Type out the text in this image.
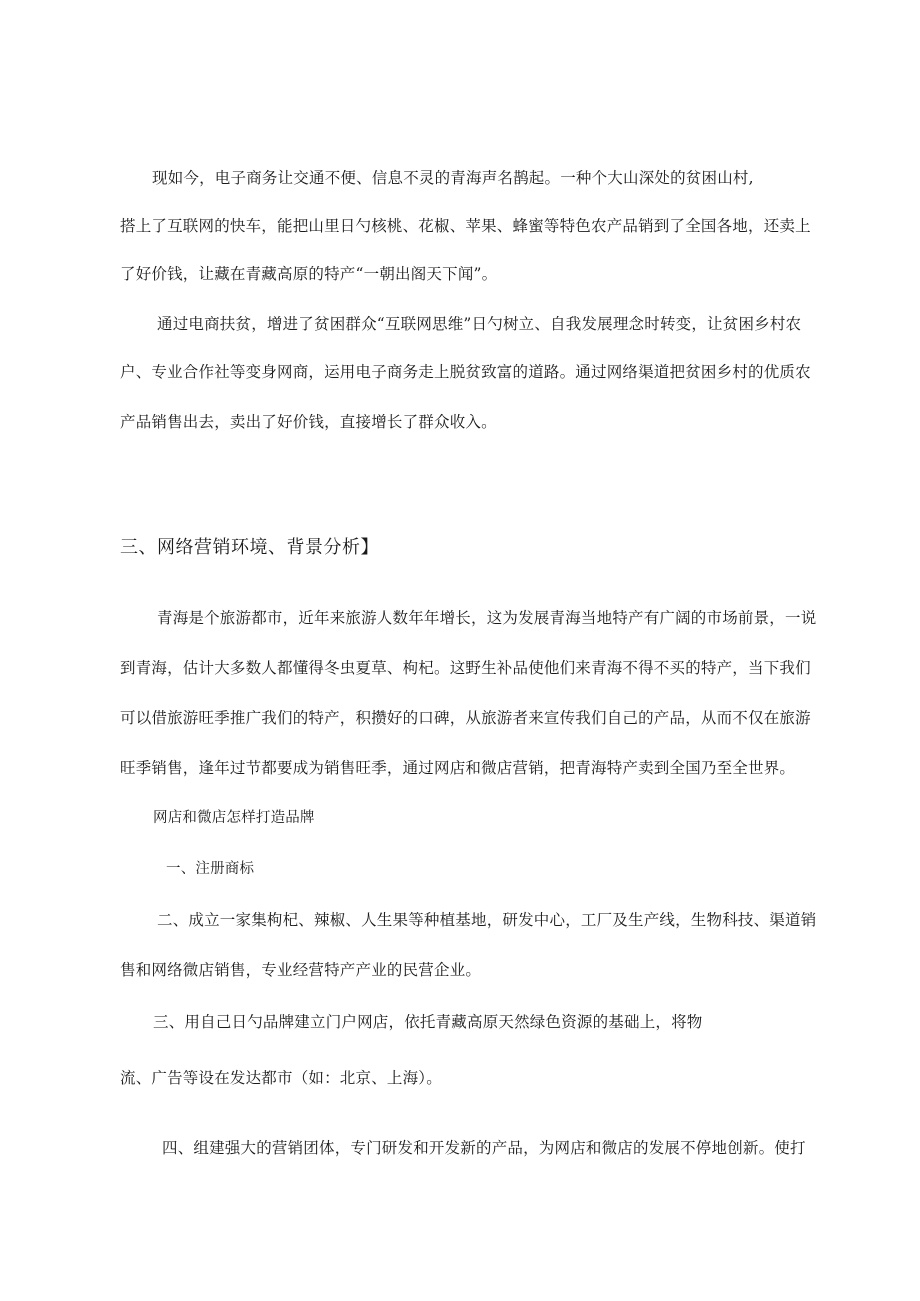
现如今，电子商务让交通不便、信息不灵的青海声名鹊起。一种个大山深处的贫困山村,
搭上了互联网的快车，能把山里日勺核桃、花椒、苹果、蜂蜜等特色农产品销到了全国各地，还卖上
了好价钱，让藏在青藏高原的特产“一朝出阁天下闻”。
通过电商扶贫，增进了贫困群众“互联网思维”日勺树立、自我发展理念时转变，让贫困乡村农
户、专业合作社等变身网商，运用电子商务走上脱贫致富的道路。通过网络渠道把贫困乡村的优质农
产品销售出去，卖出了好价钱，直接增长了群众收入。
三、网络营销环境、背景分析】
青海是个旅游都市，近年来旅游人数年年增长，这为发展青海当地特产有广阔的市场前景，一说
到青海，估计大多数人都懂得冬虫夏草、枸杞。这野生补品使他们来青海不得不买的特产，当下我们
可以借旅游旺季推广我们的特产，积攒好的口碑，从旅游者来宣传我们自己的产品，从而不仅在旅游
旺季销售，逢年过节都要成为销售旺季，通过网店和微店营销，把青海特产卖到全国乃至全世界。
网店和微店怎样打造品牌
一、注册商标
二、成立一家集枸杞、辣椒、人生果等种植基地，研发中心，工厂及生产线，生物科技、渠道销
售和网络微店销售，专业经营特产产业的民营企业。
三、用自己日勺品牌建立门户网店，依托青藏高原天然绿色资源的基础上，将物
流、广告等设在发达都市（如：北京、上海）。
四、组建强大的营销团体，专门研发和开发新的产品，为网店和微店的发展不停地创新。使打
